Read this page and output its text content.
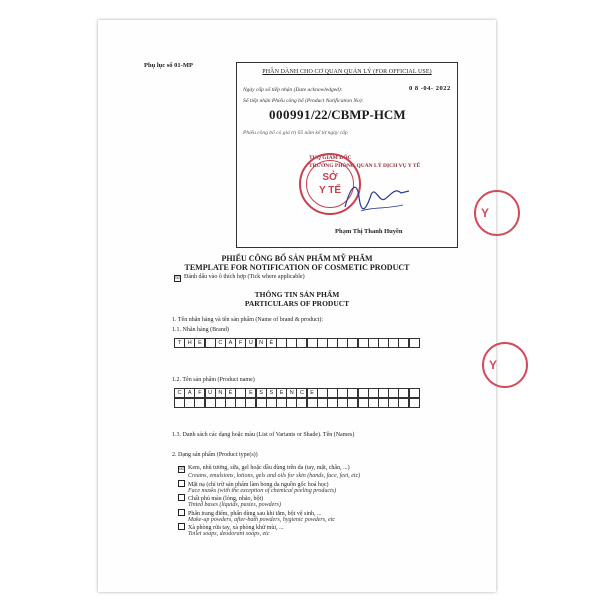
Phụ lục số 01-MP
PHẦN DÀNH CHO CƠ QUAN QUẢN LÝ (FOR OFFICIAL USE)
Ngày cấp số tiếp nhận (Date acknowledged):	0 8 -04- 2022
Số tiếp nhận Phiếu công bố (Product Notification No):
000991/22/CBMP-HCM
Phiếu công bố có giá trị 05 năm kể từ ngày cấp
TUQ GIÁM ĐỐC
TRƯỞNG PHÒNG QUẢN LÝ DỊCH VỤ Y TẾ
SỞ
Y TẾ
Phạm Thị Thanh Huyền
PHIẾU CÔNG BỐ SẢN PHẨM MỸ PHẨM
TEMPLATE FOR NOTIFICATION OF COSMETIC PRODUCT
☒ Đánh dấu vào ô thích hợp (Tick where applicable)
THÔNG TIN SẢN PHẨM
PARTICULARS OF PRODUCT
1. Tên nhãn hàng và tên sản phẩm (Name of brand & product):
1.1. Nhãn hàng (Brand)
T	H	E	C	A	F	U	N	É
1.2. Tên sản phẩm (Product name)
C	A	F	U	N	É	E	S	S	E	N	C	E
1.3. Danh sách các dạng hoặc màu (List of Variants or Shade). Tên (Names)
2. Dạng sản phẩm (Product type(s))
☒ Kem, nhũ tương, sữa, gel hoặc dầu dùng trên da (tay, mặt, chân, ...)
Creams, emulsions, lotions, gels and oils for skin (hands, face, feet, etc)
Mặt nạ (chỉ trừ sản phẩm làm bong da nguồn gốc hoá học)
Face masks (with the exception of chemical peeling products)
Chất phủ màu (lỏng, nhão, bột)
Tinted bases (liquids, pastes, powders)
Phấn trang điểm, phấn dùng sau khi tắm, bột vệ sinh, ...
Make-up powders, after-bath powders, hygienic powders, etc
Xà phòng rửa tay, xà phòng khử mùi, ...
Toilet soaps, deodorant soaps, etc
Y
Y
